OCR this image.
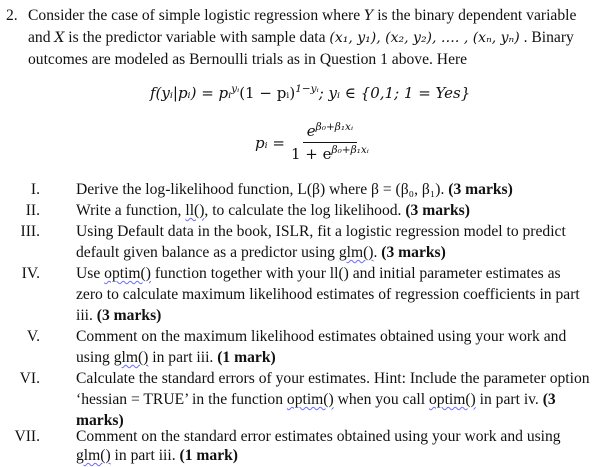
2. Consider the case of simple logistic regression where Y is the binary dependent variable
and X is the predictor variable with sample data (x₁, y₁), (x₂, y₂), …. , (xₙ, yₙ) . Binary
outcomes are modeled as Bernoulli trials as in Question 1 above. Here
f(yᵢ|pᵢ) = pᵢ$^{yᵢ}$(1 − pᵢ)$^{1-yᵢ}$; yᵢ ∈ {0,1; 1 = Yes}
pᵢ = $\frac{e^{\beta_0+\beta_1xᵢ}}{1 + e^{\beta_0+\beta_1xᵢ}}$
I. Derive the log-likelihood function, L(β) where β = (β₀, β₁). (3 marks)
II. Write a function, ll(), to calculate the log likelihood. (3 marks)
III. Using Default data in the book, ISLR, fit a logistic regression model to predict
default given balance as a predictor using glm(). (3 marks)
IV. Use optim() function together with your ll() and initial parameter estimates as
zero to calculate maximum likelihood estimates of regression coefficients in part
iii. (3 marks)
V. Comment on the maximum likelihood estimates obtained using your work and
using glm() in part iii. (1 mark)
VI. Calculate the standard errors of your estimates. Hint: Include the parameter option
‘hessian = TRUE’ in the function optim() when you call optim() in part iv. (3
marks)
VII. Comment on the standard error estimates obtained using your work and using
glm() in part iii. (1 mark)
